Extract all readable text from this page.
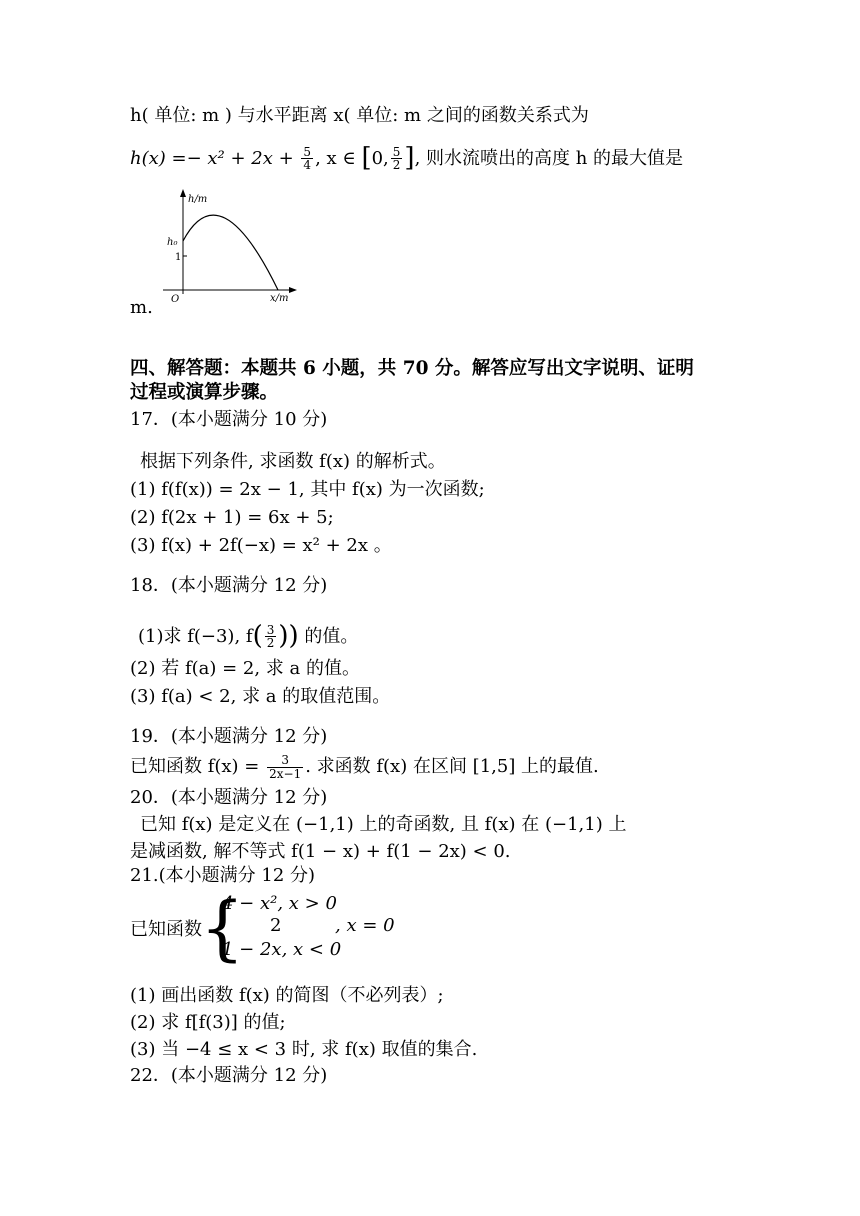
h( 单位: m ) 与水平距离 x( 单位: m 之间的函数关系式为
$h(x) =- x^2 + 2x + \frac{5}{4}$ , x ∈ [0, $\frac{5}{2}$ ], 则水流喷出的高度 h 的最大值是
h/m
h₀
1
O	x/m
m.
四、解答题：本题共 6 小题，共 70 分。解答应写出文字说明、证明
过程或演算步骤。
17．(本小题满分 10 分)
根据下列条件, 求函数 f(x) 的解析式。
(1) f(f(x)) = 2x − 1, 其中 f(x) 为一次函数;
(2) f(2x + 1) = 6x + 5;
(3) f(x) + 2f(−x) = x² + 2x 。
18．(本小题满分 12 分)
(1)求 f(−3), $f( \frac{3}{2}$ )) 的值。
(2) 若 f(a) = 2, 求 a 的值。
(3) f(a) < 2, 求 a 的取值范围。
19．(本小题满分 12 分)
已知函数 $f(x) = \frac{3}{2x-1}$ . 求函数 f(x) 在区间 [1,5] 上的最值.
20．(本小题满分 12 分)
已知 f(x) 是定义在 (−1,1) 上的奇函数, 且 f(x) 在 (−1,1) 上
是减函数, 解不等式 f(1 − x) + f(1 − 2x) < 0.
21.(本小题满分 12 分)
已知函数
{
4 − x², x > 0
2	, x = 0
1 − 2x, x < 0
(1) 画出函数 f(x) 的简图（不必列表）;
(2) 求 f[f(3)] 的值;
(3) 当 −4 ≤ x < 3 时, 求 f(x) 取值的集合.
22．(本小题满分 12 分)
